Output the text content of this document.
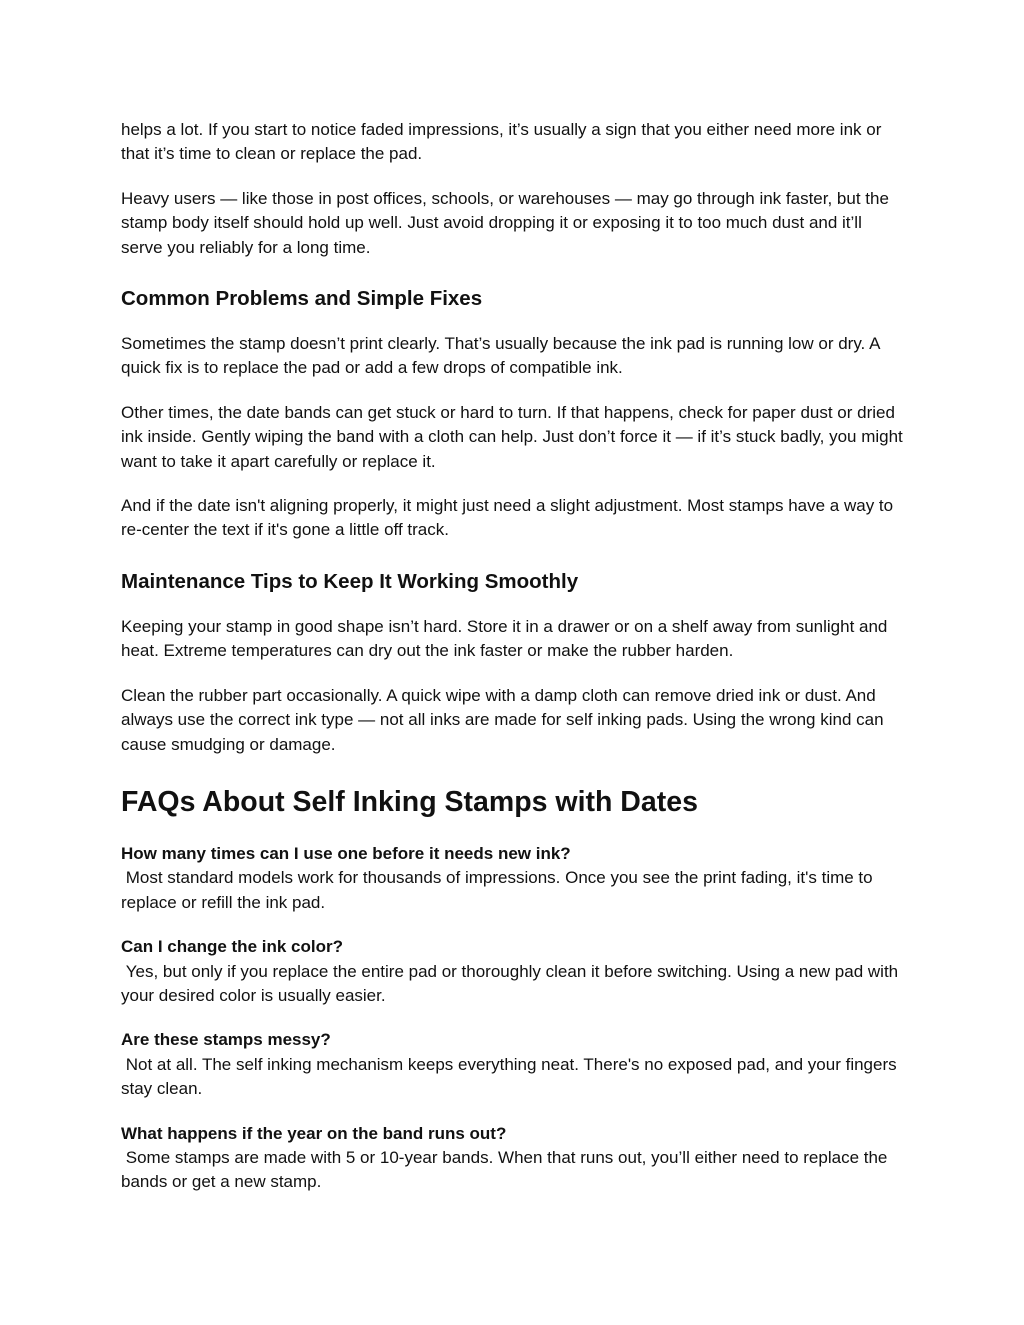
helps a lot. If you start to notice faded impressions, it’s usually a sign that you either need more ink or that it’s time to clean or replace the pad.

Heavy users — like those in post offices, schools, or warehouses — may go through ink faster, but the stamp body itself should hold up well. Just avoid dropping it or exposing it to too much dust and it’ll serve you reliably for a long time.

Common Problems and Simple Fixes

Sometimes the stamp doesn’t print clearly. That’s usually because the ink pad is running low or dry. A quick fix is to replace the pad or add a few drops of compatible ink.

Other times, the date bands can get stuck or hard to turn. If that happens, check for paper dust or dried ink inside. Gently wiping the band with a cloth can help. Just don’t force it — if it’s stuck badly, you might want to take it apart carefully or replace it.

And if the date isn't aligning properly, it might just need a slight adjustment. Most stamps have a way to re-center the text if it's gone a little off track.

Maintenance Tips to Keep It Working Smoothly

Keeping your stamp in good shape isn’t hard. Store it in a drawer or on a shelf away from sunlight and heat. Extreme temperatures can dry out the ink faster or make the rubber harden.

Clean the rubber part occasionally. A quick wipe with a damp cloth can remove dried ink or dust. And always use the correct ink type — not all inks are made for self inking pads. Using the wrong kind can cause smudging or damage.

FAQs About Self Inking Stamps with Dates
How many times can I use one before it needs new ink?
Most standard models work for thousands of impressions. Once you see the print fading, it's time to replace or refill the ink pad.
Can I change the ink color?
Yes, but only if you replace the entire pad or thoroughly clean it before switching. Using a new pad with your desired color is usually easier.
Are these stamps messy?
Not at all. The self inking mechanism keeps everything neat. There's no exposed pad, and your fingers stay clean.
What happens if the year on the band runs out?
Some stamps are made with 5 or 10-year bands. When that runs out, you’ll either need to replace the bands or get a new stamp.
